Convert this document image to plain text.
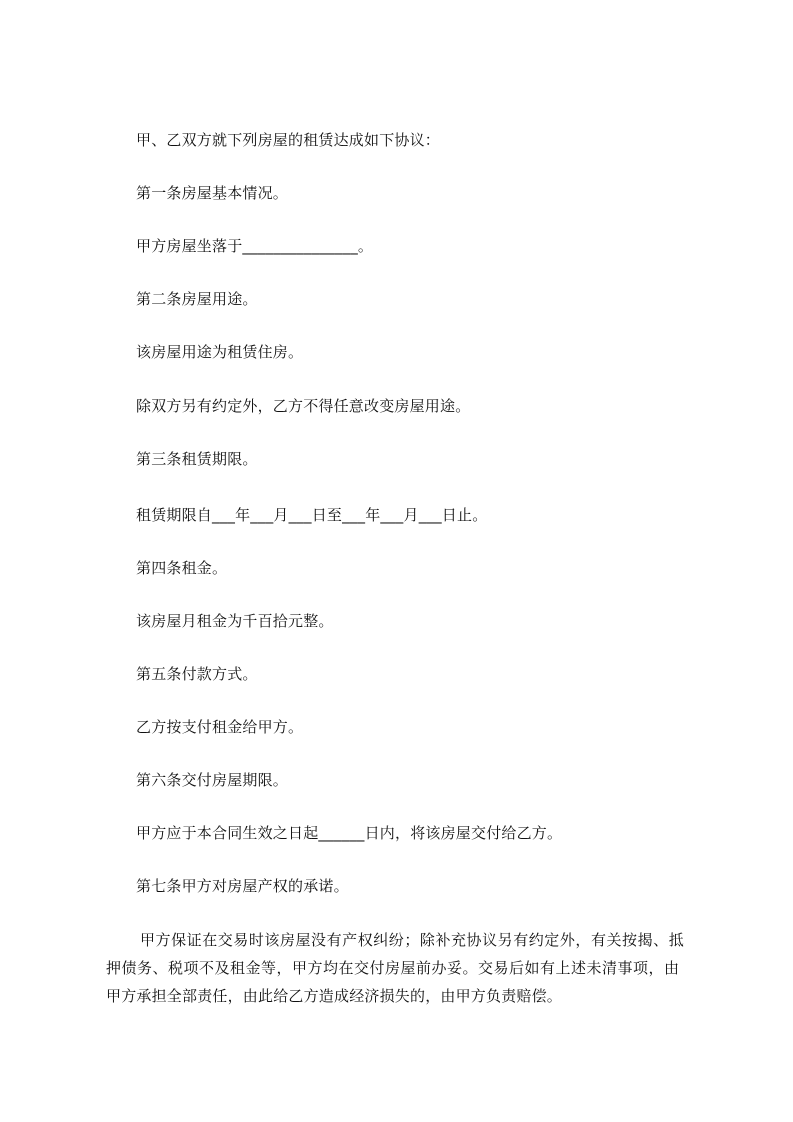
甲、乙双方就下列房屋的租赁达成如下协议：
第一条房屋基本情况。
甲方房屋坐落于_______________。
第二条房屋用途。
该房屋用途为租赁住房。
除双方另有约定外，乙方不得任意改变房屋用途。
第三条租赁期限。
租赁期限自___年___月___日至___年___月___日止。
第四条租金。
该房屋月租金为千百拾元整。
第五条付款方式。
乙方按支付租金给甲方。
第六条交付房屋期限。
甲方应于本合同生效之日起______日内，将该房屋交付给乙方。
第七条甲方对房屋产权的承诺。
甲方保证在交易时该房屋没有产权纠纷；除补充协议另有约定外，有关按揭、抵
押债务、税项不及租金等，甲方均在交付房屋前办妥。交易后如有上述未清事项，由
甲方承担全部责任，由此给乙方造成经济损失的，由甲方负责赔偿。
